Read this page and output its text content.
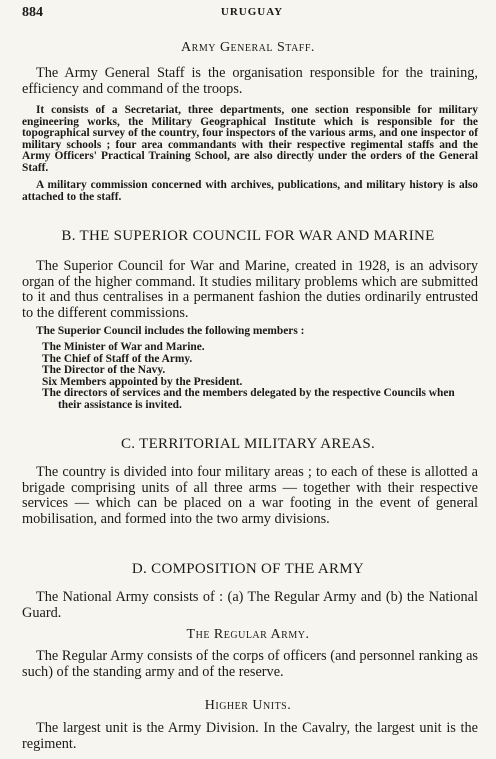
884	URUGUAY
Army General Staff.

The Army General Staff is the organisation responsible for the training, efficiency and command of the troops.

It consists of a Secretariat, three departments, one section responsible for military engineering works, the Military Geographical Institute which is responsible for the topographical survey of the country, four inspectors of the various arms, and one inspector of military schools ; four area commandants with their respective regimental staffs and the Army Officers' Practical Training School, are also directly under the orders of the General Staff.

A military commission concerned with archives, publications, and military history is also attached to the staff.

B. THE SUPERIOR COUNCIL FOR WAR AND MARINE

The Superior Council for War and Marine, created in 1928, is an advisory organ of the higher command. It studies military problems which are submitted to it and thus centralises in a permanent fashion the duties ordinarily entrusted to the different commissions.

The Superior Council includes the following members :

The Minister of War and Marine.
The Chief of Staff of the Army.
The Director of the Navy.
Six Members appointed by the President.
The directors of services and the members delegated by the respective Councils when their assistance is invited.
C. TERRITORIAL MILITARY AREAS.

The country is divided into four military areas ; to each of these is allotted a brigade comprising units of all three arms — together with their respective services — which can be placed on a war footing in the event of general mobilisation, and formed into the two army divisions.

D. COMPOSITION OF THE ARMY

The National Army consists of : (a) The Regular Army and (b) the National Guard.

The Regular Army.

The Regular Army consists of the corps of officers (and personnel ranking as such) of the standing army and of the reserve.

Higher Units.

The largest unit is the Army Division. In the Cavalry, the largest unit is the regiment.
